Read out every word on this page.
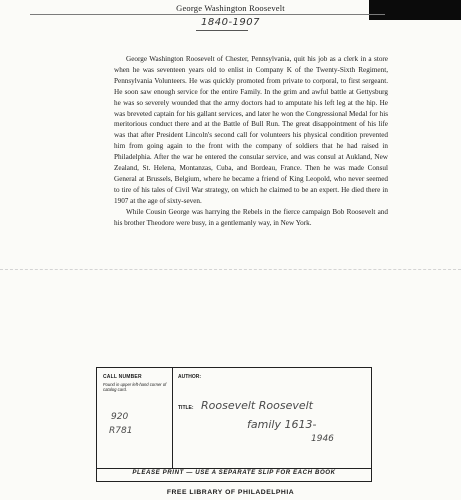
George Washington Roosevelt
1840-1907

George Washington Roosevelt of Chester, Pennsylvania, quit his job as a clerk in a store when he was seventeen years old to enlist in Company K of the Twenty-Sixth Regiment, Pennsylvania Volunteers. He was quickly promoted from private to corporal, to first sergeant. He soon saw enough service for the entire Family. In the grim and awful battle at Gettysburg he was so severely wounded that the army doctors had to amputate his left leg at the hip. He was breveted captain for his gallant services, and later he won the Congressional Medal for his meritorious conduct there and at the Battle of Bull Run. The great disappointment of his life was that after President Lincoln's second call for volunteers his physical condition prevented him from going again to the front with the company of soldiers that he had raised in Philadelphia. After the war he entered the consular service, and was consul at Aukland, New Zealand, St. Helena, Montanzas, Cuba, and Bordeau, France. Then he was made Consul General at Brussels, Belgium, where he became a friend of King Leopold, who never seemed to tire of his tales of Civil War strategy, on which he claimed to be an expert. He died there in 1907 at the age of sixty-seven.

While Cousin George was harrying the Rebels in the fierce campaign Bob Roosevelt and his brother Theodore were busy, in a gentlemanly way, in New York.

CALL NUMBER
Found in upper left-hand corner of catalog card.
920
R781
AUTHOR:
TITLE: Roosevelt Roosevelt
family 1613-
1946
PLEASE PRINT — USE A SEPARATE SLIP FOR EACH BOOK
FREE LIBRARY OF PHILADELPHIA
